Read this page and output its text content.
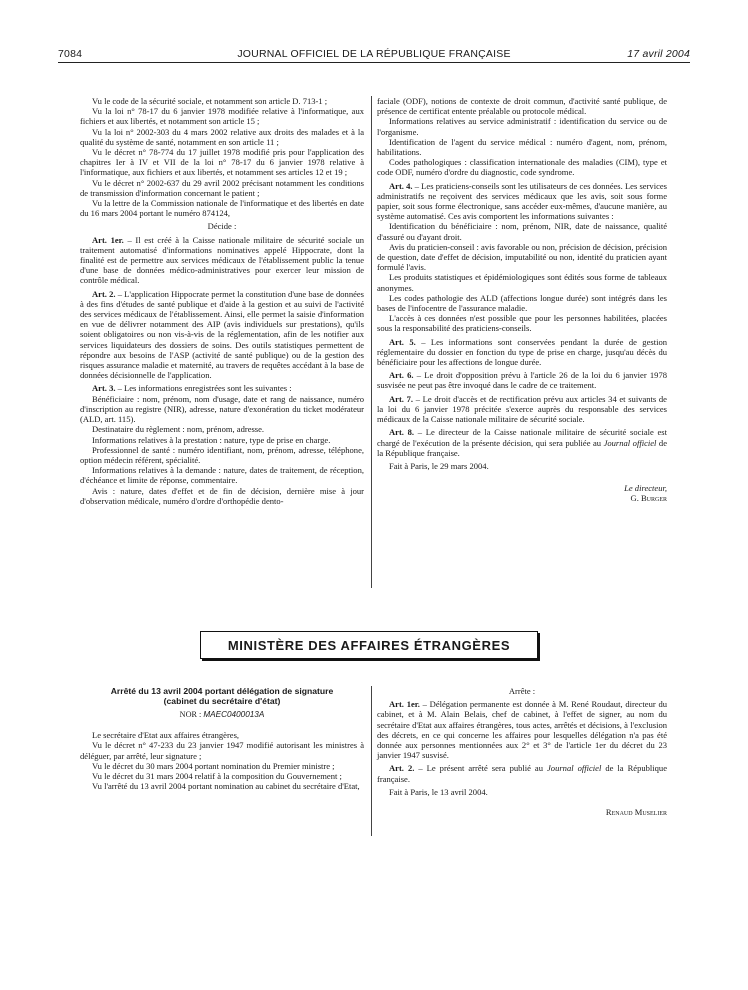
7084	JOURNAL OFFICIEL DE LA RÉPUBLIQUE FRANÇAISE	17 avril 2004

Vu le code de la sécurité sociale, et notamment son article D. 713-1 ;

Vu la loi n° 78-17 du 6 janvier 1978 modifiée relative à l'informatique, aux fichiers et aux libertés, et notamment son article 15 ;

Vu la loi n° 2002-303 du 4 mars 2002 relative aux droits des malades et à la qualité du système de santé, notamment en son article 11 ;

Vu le décret n° 78-774 du 17 juillet 1978 modifié pris pour l'application des chapitres Ier à IV et VII de la loi n° 78-17 du 6 janvier 1978 relative à l'informatique, aux fichiers et aux libertés, et notamment ses articles 12 et 19 ;

Vu le décret n° 2002-637 du 29 avril 2002 précisant notamment les conditions de transmission d'information concernant le patient ;

Vu la lettre de la Commission nationale de l'informatique et des libertés en date du 16 mars 2004 portant le numéro 874124,

Décide :

Art. 1er. – Il est créé à la Caisse nationale militaire de sécurité sociale un traitement automatisé d'informations nominatives appelé Hippocrate, dont la finalité est de permettre aux services médicaux de l'établissement public la tenue d'une base de données médico-administratives pour exercer leur mission de contrôle médical.

Art. 2. – L'application Hippocrate permet la constitution d'une base de données à des fins d'études de santé publique et d'aide à la gestion et au suivi de l'activité des services médicaux de l'établissement. Ainsi, elle permet la saisie d'information en vue de délivrer notamment des AIP (avis individuels sur prestations), qu'ils soient obligatoires ou non vis-à-vis de la réglementation, afin de les notifier aux services liquidateurs des dossiers de soins. Des outils statistiques permettent de répondre aux besoins de l'ASP (activité de santé publique) ou de la gestion des risques assurance maladie et maternité, au travers de requêtes accédant à la base de données décisionnelle de l'application.

Art. 3. – Les informations enregistrées sont les suivantes :

Bénéficiaire : nom, prénom, nom d'usage, date et rang de naissance, numéro d'inscription au registre (NIR), adresse, nature d'exonération du ticket modérateur (ALD, art. 115).

Destinataire du règlement : nom, prénom, adresse.

Informations relatives à la prestation : nature, type de prise en charge.

Professionnel de santé : numéro identifiant, nom, prénom, adresse, téléphone, option médecin référent, spécialité.

Informations relatives à la demande : nature, dates de traitement, de réception, d'échéance et limite de réponse, commentaire.

Avis : nature, dates d'effet et de fin de décision, dernière mise à jour d'observation médicale, numéro d'ordre d'orthopédie dento-

faciale (ODF), notions de contexte de droit commun, d'activité santé publique, de présence de certificat entente préalable ou protocole médical.

Informations relatives au service administratif : identification du service ou de l'organisme.

Identification de l'agent du service médical : numéro d'agent, nom, prénom, habilitations.

Codes pathologiques : classification internationale des maladies (CIM), type et code ODF, numéro d'ordre du diagnostic, code syndrome.

Art. 4. – Les praticiens-conseils sont les utilisateurs de ces données. Les services administratifs ne reçoivent des services médicaux que les avis, soit sous forme papier, soit sous forme électronique, sans accéder eux-mêmes, d'aucune manière, au système automatisé. Ces avis comportent les informations suivantes :

Identification du bénéficiaire : nom, prénom, NIR, date de naissance, qualité d'assuré ou d'ayant droit.

Avis du praticien-conseil : avis favorable ou non, précision de décision, précision de question, date d'effet de décision, imputabilité ou non, identité du praticien ayant formulé l'avis.

Les produits statistiques et épidémiologiques sont édités sous forme de tableaux anonymes.

Les codes pathologie des ALD (affections longue durée) sont intégrés dans les bases de l'infocentre de l'assurance maladie.

L'accès à ces données n'est possible que pour les personnes habilitées, placées sous la responsabilité des praticiens-conseils.

Art. 5. – Les informations sont conservées pendant la durée de gestion réglementaire du dossier en fonction du type de prise en charge, jusqu'au décès du bénéficiaire pour les affections de longue durée.

Art. 6. – Le droit d'opposition prévu à l'article 26 de la loi du 6 janvier 1978 susvisée ne peut pas être invoqué dans le cadre de ce traitement.

Art. 7. – Le droit d'accès et de rectification prévu aux articles 34 et suivants de la loi du 6 janvier 1978 précitée s'exerce auprès du responsable des services médicaux de la Caisse nationale militaire de sécurité sociale.

Art. 8. – Le directeur de la Caisse nationale militaire de sécurité sociale est chargé de l'exécution de la présente décision, qui sera publiée au Journal officiel de la République française.

Fait à Paris, le 29 mars 2004.

Le directeur,

G. Burger

MINISTÈRE DES AFFAIRES ÉTRANGÈRES
Arrêté du 13 avril 2004 portant délégation de signature
(cabinet du secrétaire d'état)
NOR : MAEC0400013A

Le secrétaire d'Etat aux affaires étrangères,

Vu le décret n° 47-233 du 23 janvier 1947 modifié autorisant les ministres à déléguer, par arrêté, leur signature ;

Vu le décret du 30 mars 2004 portant nomination du Premier ministre ;

Vu le décret du 31 mars 2004 relatif à la composition du Gouvernement ;

Vu l'arrêté du 13 avril 2004 portant nomination au cabinet du secrétaire d'Etat,

Arrête :

Art. 1er. – Délégation permanente est donnée à M. René Roudaut, directeur du cabinet, et à M. Alain Belais, chef de cabinet, à l'effet de signer, au nom du secrétaire d'Etat aux affaires étrangères, tous actes, arrêtés et décisions, à l'exclusion des décrets, en ce qui concerne les affaires pour lesquelles délégation n'a pas été donnée aux personnes mentionnées aux 2° et 3° de l'article 1er du décret du 23 janvier 1947 susvisé.

Art. 2. – Le présent arrêté sera publié au Journal officiel de la République française.

Fait à Paris, le 13 avril 2004.

Renaud Muselier
